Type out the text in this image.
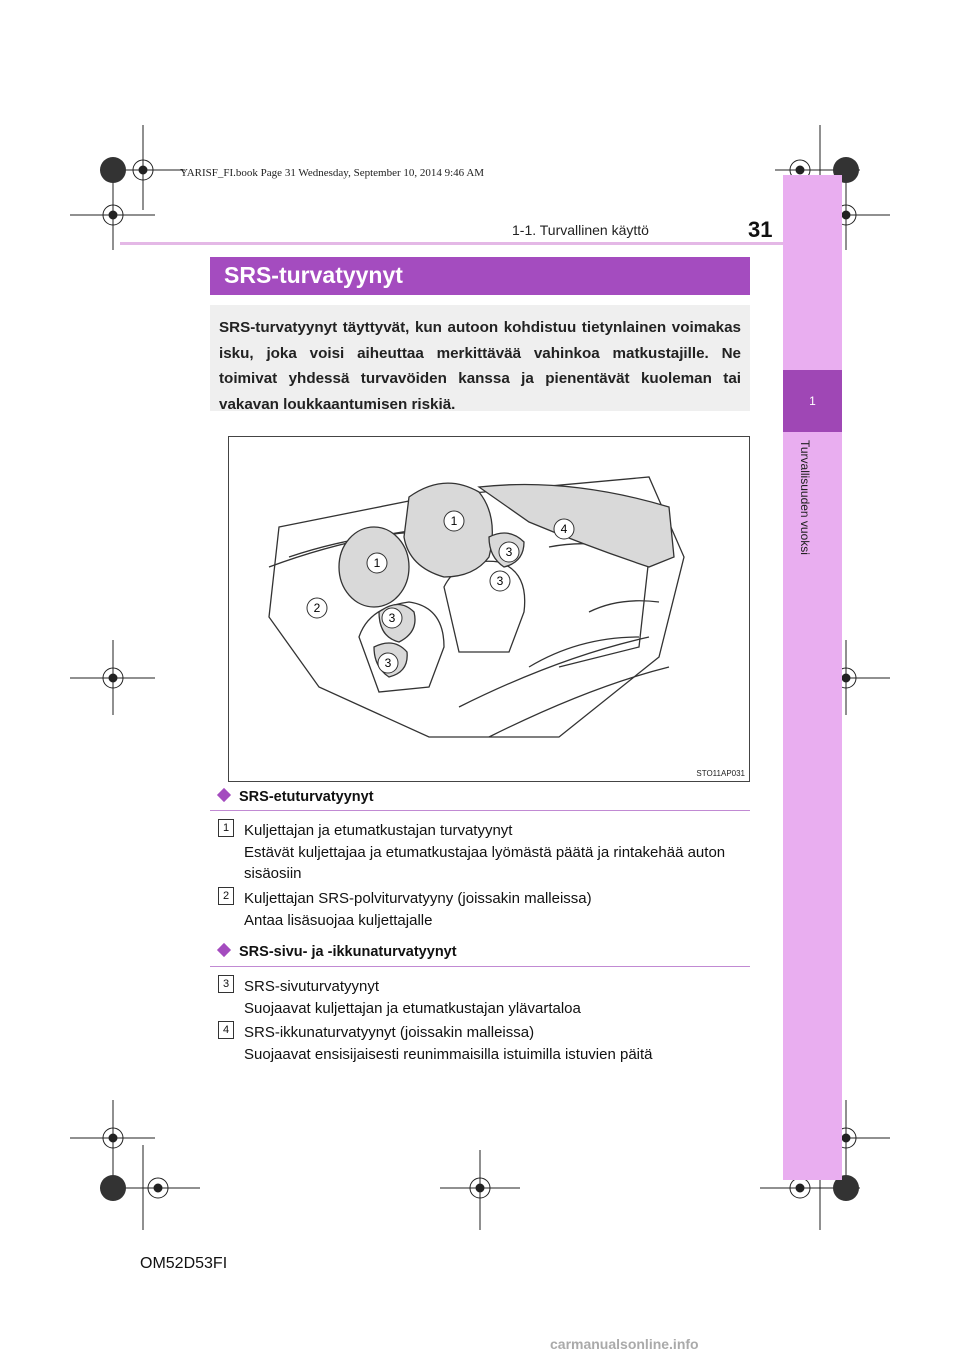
YARISF_FI.book Page 31 Wednesday, September 10, 2014 9:46 AM
1-1. Turvallinen käyttö	31
1
Turvallisuuden vuoksi
SRS-turvatyynyt

SRS-turvatyynyt täyttyvät, kun autoon kohdistuu tietynlainen voimakas isku, joka voisi aiheuttaa merkittävää vahinkoa matkustajille. Ne toimivat yhdessä turvavöiden kanssa ja pienentävät kuoleman tai vakavan loukkaantumisen riskiä.

1
1
2
3
3
3
3
4
STO11AP031
SRS-etuturvatyynyt
1 Kuljettajan ja etumatkustajan turvatyynyt
Estävät kuljettajaa ja etumatkustajaa lyömästä päätä ja rintakehää auton sisäosiin
2 Kuljettajan SRS-polviturvatyyny (joissakin malleissa)
Antaa lisäsuojaa kuljettajalle
SRS-sivu- ja -ikkunaturvatyynyt
3 SRS-sivuturvatyynyt
Suojaavat kuljettajan ja etumatkustajan ylävartaloa
4 SRS-ikkunaturvatyynyt (joissakin malleissa)
Suojaavat ensisijaisesti reunimmaisilla istuimilla istuvien päitä
OM52D53FI
carmanualsonline.info
